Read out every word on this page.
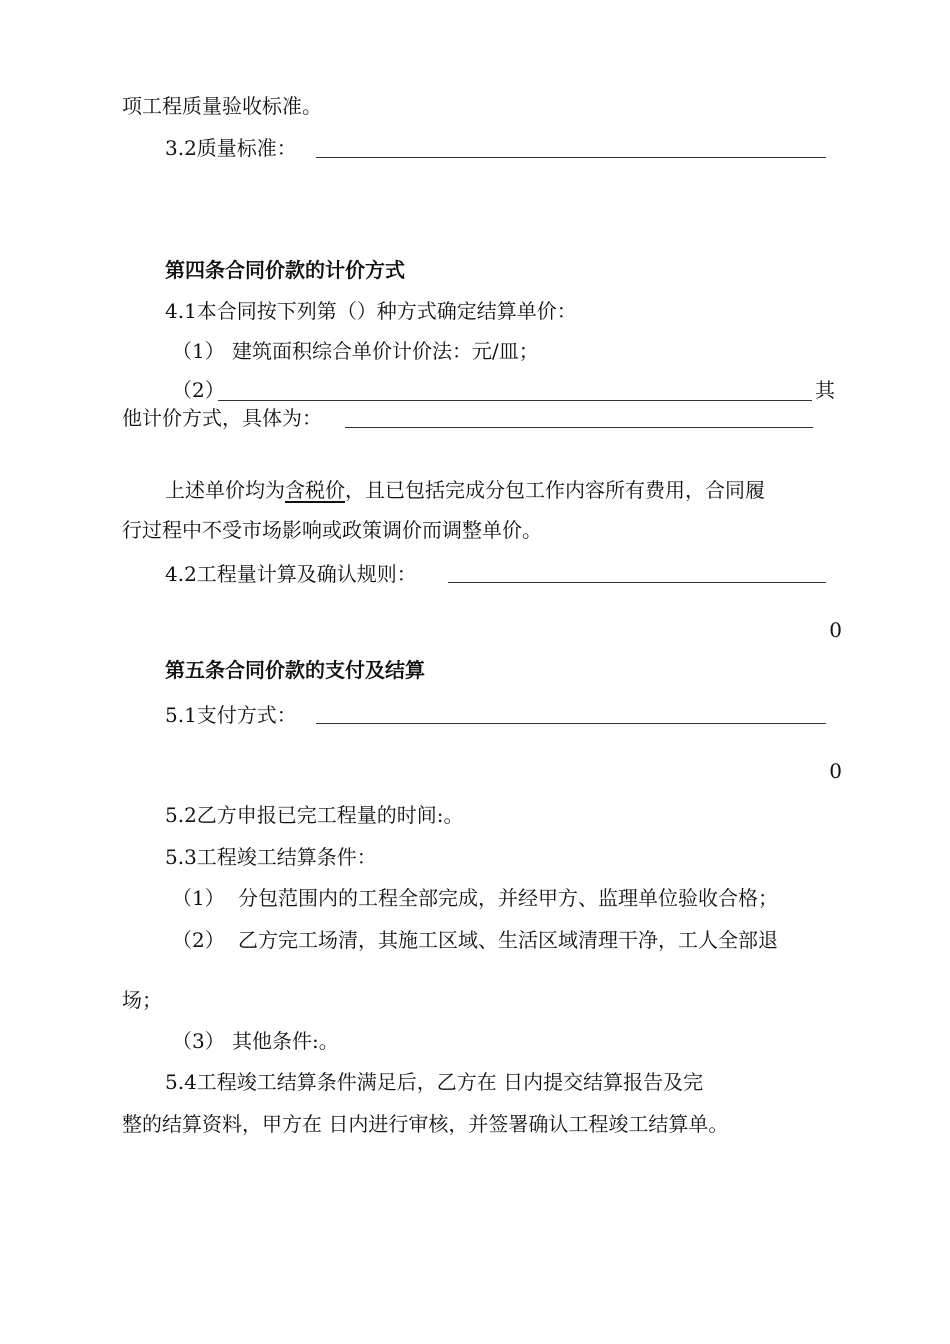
项工程质量验收标准。
3.2质量标准：
第四条合同价款的计价方式
4.1本合同按下列第（）种方式确定结算单价：
（1） 建筑面积综合单价计价法：元/皿；
（2）	其
他计价方式，具体为：
上述单价均为含税价，且已包括完成分包工作内容所有费用，合同履
行过程中不受市场影响或政策调价而调整单价。
4.2工程量计算及确认规则：
0
第五条合同价款的支付及结算
5.1支付方式：
0
5.2乙方申报已完工程量的时间:。
5.3工程竣工结算条件：
（1） 分包范围内的工程全部完成，并经甲方、监理单位验收合格；
（2） 乙方完工场清，其施工区域、生活区域清理干净，工人全部退
场；
（3） 其他条件:。
5.4工程竣工结算条件满足后，乙方在 日内提交结算报告及完
整的结算资料，甲方在 日内进行审核，并签署确认工程竣工结算单。
